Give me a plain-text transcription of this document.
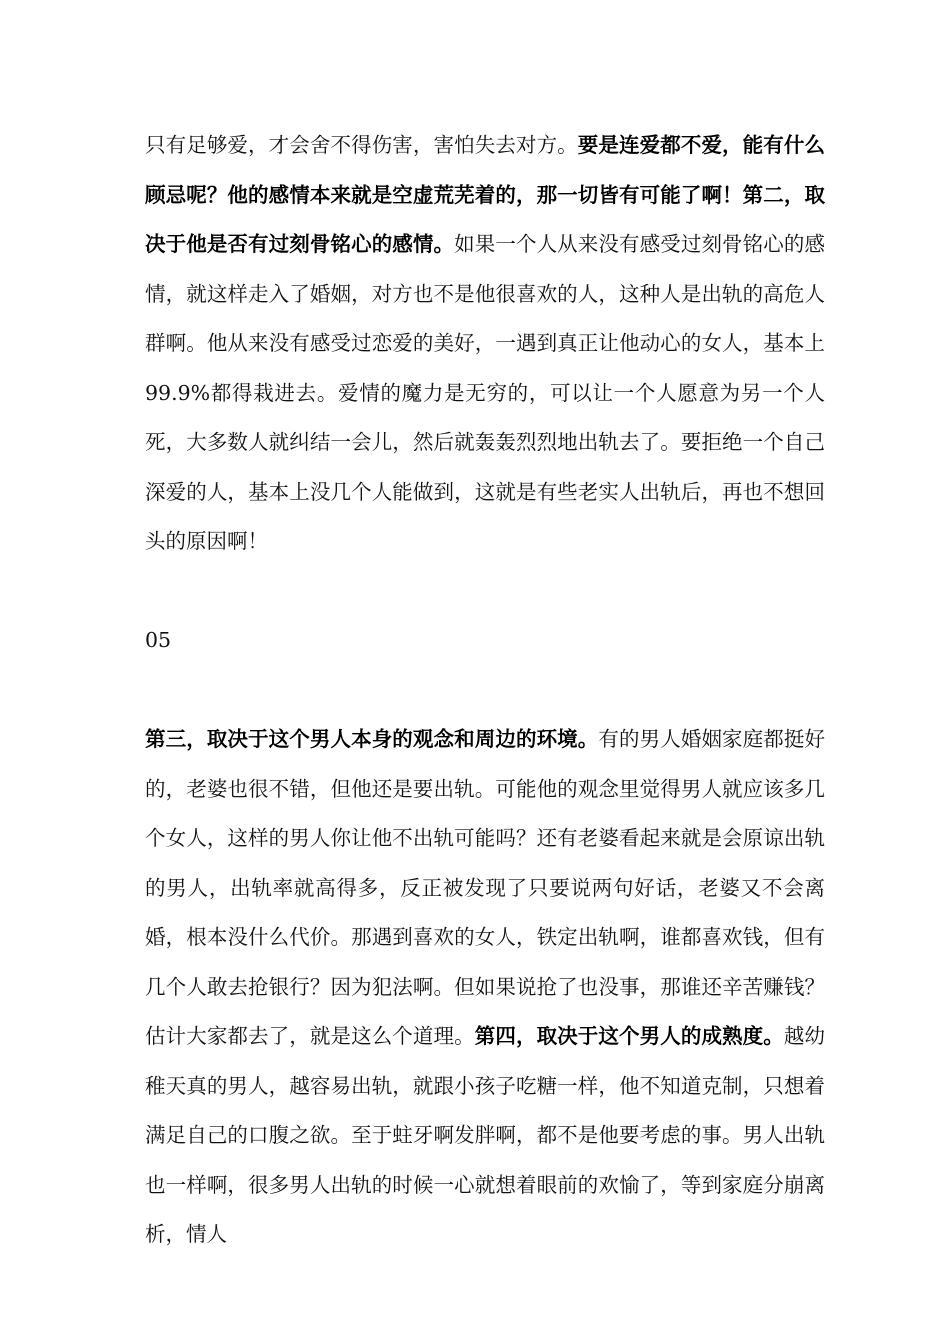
只有足够爱，才会舍不得伤害，害怕失去对方。要是连爱都不爱，能有什么顾忌呢？他的感情本来就是空虚荒芜着的，那一切皆有可能了啊！第二，取决于他是否有过刻骨铭心的感情。如果一个人从来没有感受过刻骨铭心的感情，就这样走入了婚姻，对方也不是他很喜欢的人，这种人是出轨的高危人群啊。他从来没有感受过恋爱的美好，一遇到真正让他动心的女人，基本上99.9%都得栽进去。爱情的魔力是无穷的，可以让一个人愿意为另一个人死，大多数人就纠结一会儿，然后就轰轰烈烈地出轨去了。要拒绝一个自己深爱的人，基本上没几个人能做到，这就是有些老实人出轨后，再也不想回头的原因啊！

05

第三，取决于这个男人本身的观念和周边的环境。有的男人婚姻家庭都挺好的，老婆也很不错，但他还是要出轨。可能他的观念里觉得男人就应该多几个女人，这样的男人你让他不出轨可能吗？还有老婆看起来就是会原谅出轨的男人，出轨率就高得多，反正被发现了只要说两句好话，老婆又不会离婚，根本没什么代价。那遇到喜欢的女人，铁定出轨啊，谁都喜欢钱，但有几个人敢去抢银行？因为犯法啊。但如果说抢了也没事，那谁还辛苦赚钱？估计大家都去了，就是这么个道理。第四，取决于这个男人的成熟度。越幼稚天真的男人，越容易出轨，就跟小孩子吃糖一样，他不知道克制，只想着满足自己的口腹之欲。至于蛀牙啊发胖啊，都不是他要考虑的事。男人出轨也一样啊，很多男人出轨的时候一心就想着眼前的欢愉了，等到家庭分崩离析，情人
